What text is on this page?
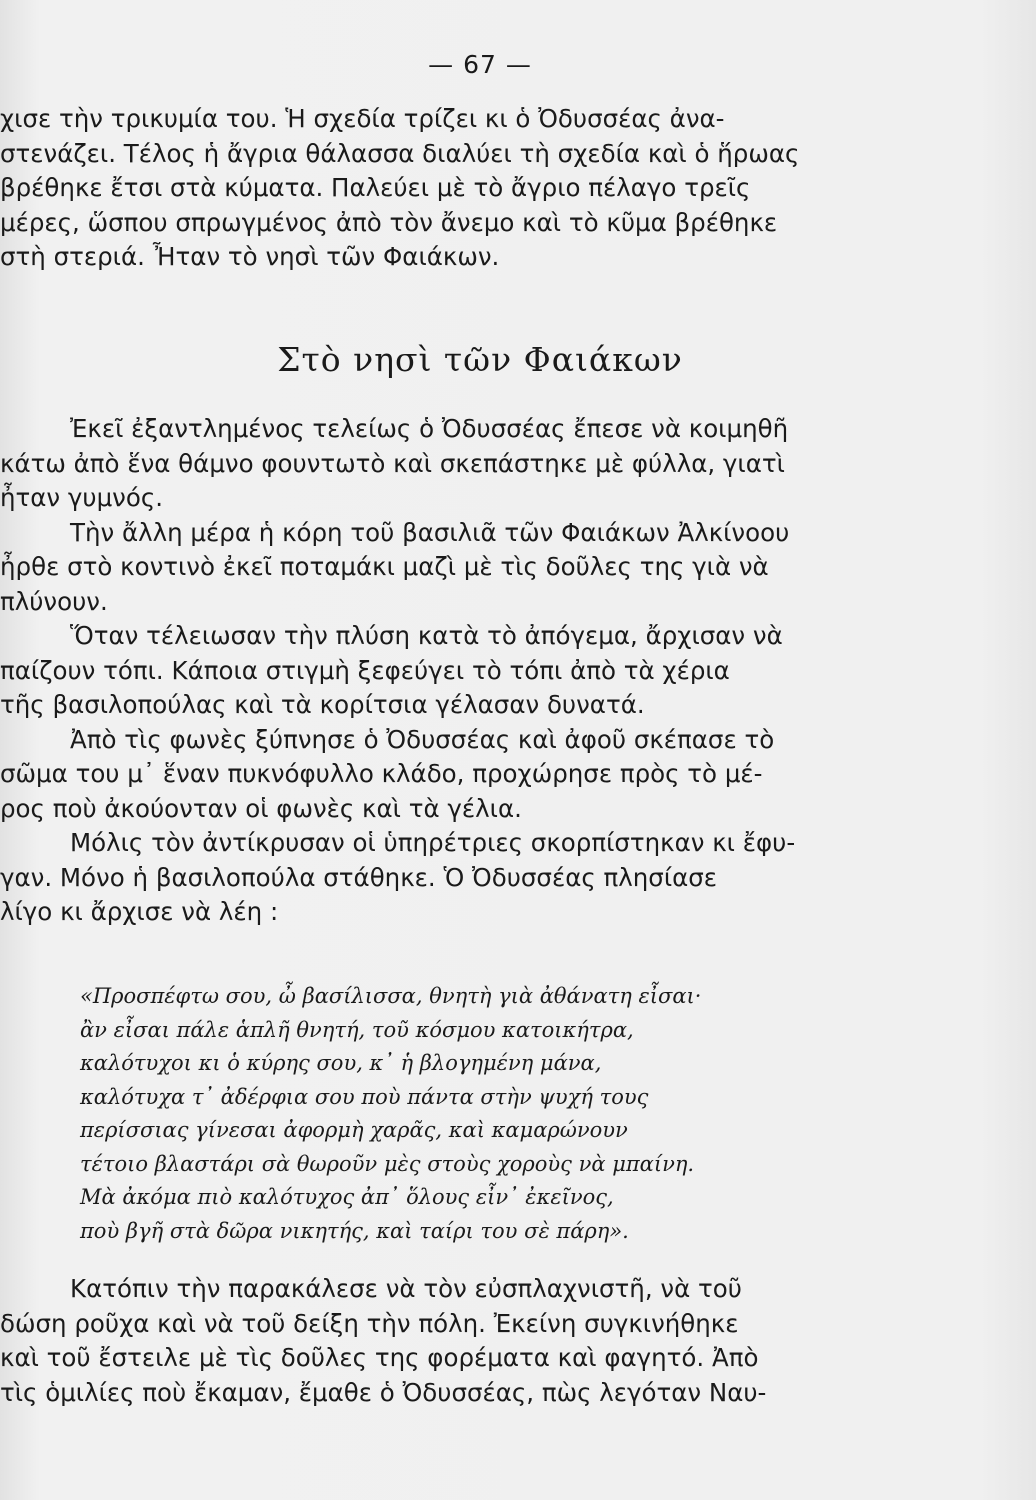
— 67 —
χισε τὴν τρικυμία του. Ἡ σχεδία τρίζει κι ὁ Ὀδυσσέας ἀνα-
στενάζει. Τέλος ἡ ἄγρια θάλασσα διαλύει τὴ σχεδία καὶ ὁ ἥρωας
βρέθηκε ἔτσι στὰ κύματα. Παλεύει μὲ τὸ ἄγριο πέλαγο τρεῖς
μέρες, ὥσπου σπρωγμένος ἀπὸ τὸν ἄνεμο καὶ τὸ κῦμα βρέθηκε
στὴ στεριά. Ἦταν τὸ νησὶ τῶν Φαιάκων.
Στὸ νησὶ τῶν Φαιάκων
Ἐκεῖ ἐξαντλημένος τελείως ὁ Ὀδυσσέας ἔπεσε νὰ κοιμηθῆ
κάτω ἀπὸ ἕνα θάμνο φουντωτὸ καὶ σκεπάστηκε μὲ φύλλα, γιατὶ
ἦταν γυμνός.
Τὴν ἄλλη μέρα ἡ κόρη τοῦ βασιλιᾶ τῶν Φαιάκων Ἀλκίνοου
ἦρθε στὸ κοντινὸ ἐκεῖ ποταμάκι μαζὶ μὲ τὶς δοῦλες της γιὰ νὰ
πλύνουν.
Ὅταν τέλειωσαν τὴν πλύση κατὰ τὸ ἀπόγεμα, ἄρχισαν νὰ
παίζουν τόπι. Κάποια στιγμὴ ξεφεύγει τὸ τόπι ἀπὸ τὰ χέρια
τῆς βασιλοπούλας καὶ τὰ κορίτσια γέλασαν δυνατά.
Ἀπὸ τὶς φωνὲς ξύπνησε ὁ Ὀδυσσέας καὶ ἀφοῦ σκέπασε τὸ
σῶμα του μ᾽ ἕναν πυκνόφυλλο κλάδο, προχώρησε πρὸς τὸ μέ-
ρος ποὺ ἀκούονταν οἱ φωνὲς καὶ τὰ γέλια.
Μόλις τὸν ἀντίκρυσαν οἱ ὑπηρέτριες σκορπίστηκαν κι ἔφυ-
γαν. Μόνο ἡ βασιλοπούλα στάθηκε. Ὁ Ὀδυσσέας πλησίασε
λίγο κι ἄρχισε νὰ λέη :
«Προσπέφτω σου, ὦ βασίλισσα, θνητὴ γιὰ ἀθάνατη εἶσαι·
ἂν εἶσαι πάλε ἁπλῆ θνητή, τοῦ κόσμου κατοικήτρα,
καλότυχοι κι ὁ κύρης σου, κ᾽ ἡ βλογημένη μάνα,
καλότυχα τ᾽ ἀδέρφια σου ποὺ πάντα στὴν ψυχή τους
περίσσιας γίνεσαι ἀφορμὴ χαρᾶς, καὶ καμαρώνουν
τέτοιο βλαστάρι σὰ θωροῦν μὲς στοὺς χοροὺς νὰ μπαίνη.
Μὰ ἀκόμα πιὸ καλότυχος ἀπ᾽ ὅλους εἶν᾽ ἐκεῖνος,
ποὺ βγῆ στὰ δῶρα νικητής, καὶ ταίρι του σὲ πάρη».
Κατόπιν τὴν παρακάλεσε νὰ τὸν εὐσπλαχνιστῆ, νὰ τοῦ
δώση ροῦχα καὶ νὰ τοῦ δείξη τὴν πόλη. Ἐκείνη συγκινήθηκε
καὶ τοῦ ἔστειλε μὲ τὶς δοῦλες της φορέματα καὶ φαγητό. Ἀπὸ
τὶς ὁμιλίες ποὺ ἔκαμαν, ἔμαθε ὁ Ὀδυσσέας, πὼς λεγόταν Ναυ-
